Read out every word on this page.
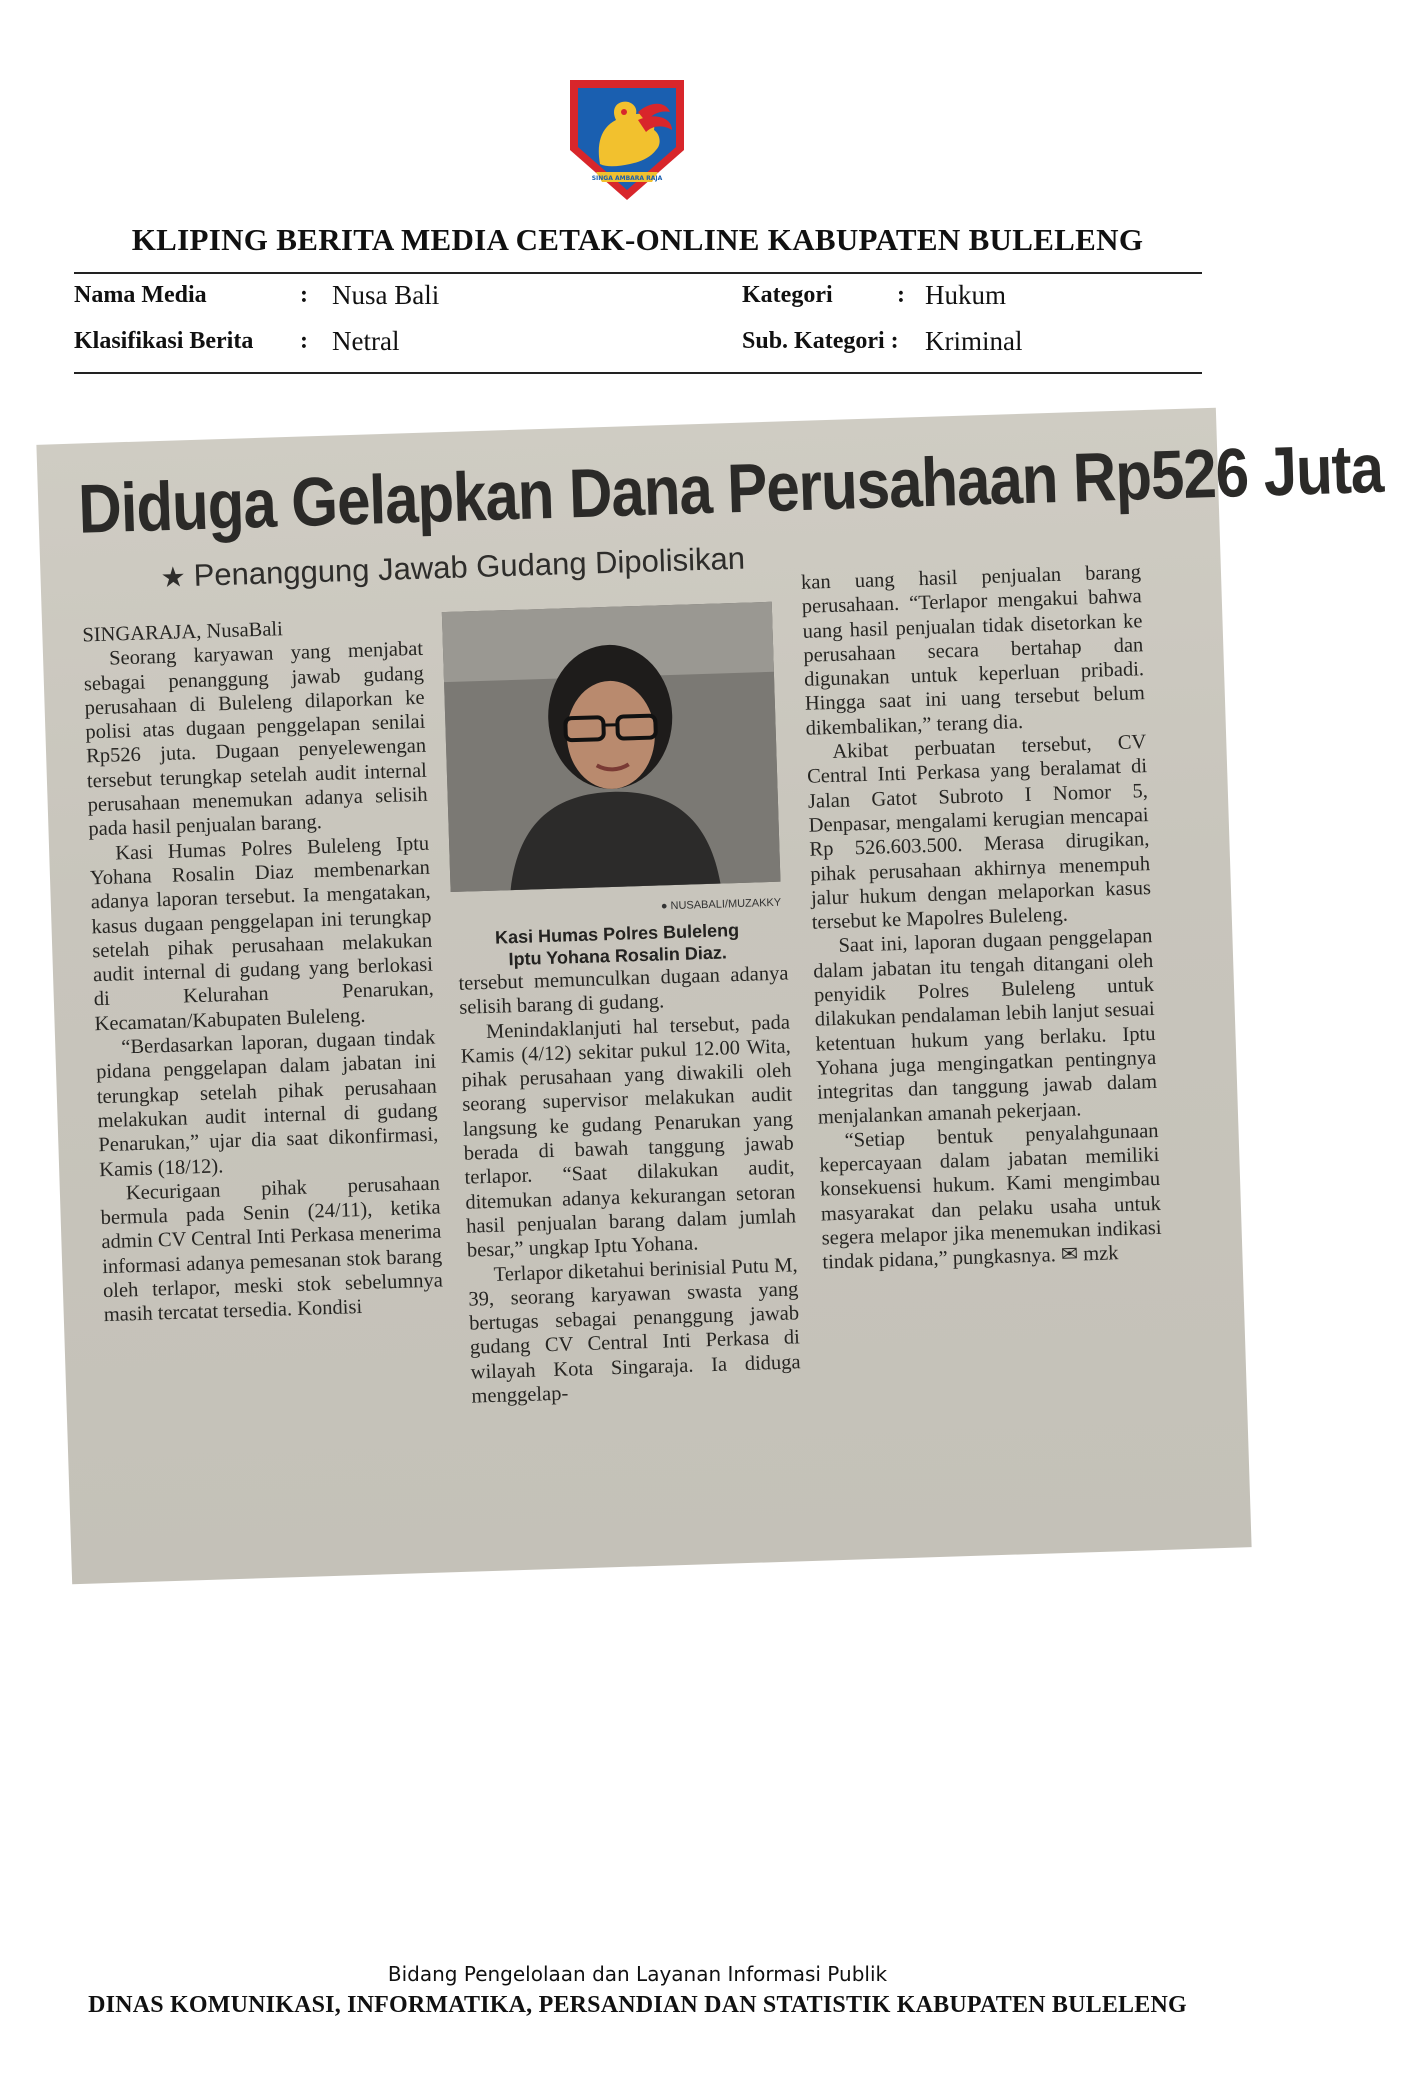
SINGA AMBARA RAJA
KLIPING BERITA MEDIA CETAK-ONLINE KABUPATEN BULELENG
Nama Media	: Nusa Bali	Kategori	: Hukum
Klasifikasi Berita : Netral	Sub. Kategori : Kriminal
Diduga Gelapkan Dana Perusahaan Rp526 Juta
★ Penanggung Jawab Gudang Dipolisikan

SINGARAJA, NusaBali

Seorang karyawan yang menjabat sebagai penanggung jawab gudang perusahaan di Buleleng dilaporkan ke polisi atas dugaan penggelapan senilai Rp526 juta. Dugaan penyelewengan tersebut terungkap setelah audit internal perusahaan menemukan adanya selisih pada hasil penjualan barang.

Kasi Humas Polres Buleleng Iptu Yohana Rosalin Diaz membenarkan adanya laporan tersebut. Ia mengatakan, kasus dugaan penggelapan ini terungkap setelah pihak perusahaan melakukan audit internal di gudang yang berlokasi di Kelurahan Penarukan, Kecamatan/Kabupaten Buleleng.

“Berdasarkan laporan, dugaan tindak pidana penggelapan dalam jabatan ini terungkap setelah pihak perusahaan melakukan audit internal di gudang Penarukan,” ujar dia saat dikonfirmasi, Kamis (18/12).

Kecurigaan pihak perusahaan bermula pada Senin (24/11), ketika admin CV Central Inti Perkasa menerima informasi adanya pemesanan stok barang oleh terlapor, meski stok sebelumnya masih tercatat tersedia. Kondisi

● NUSABALI/MUZAKKY
Kasi Humas Polres Buleleng
Iptu Yohana Rosalin Diaz.

tersebut memunculkan dugaan adanya selisih barang di gudang.

Menindaklanjuti hal tersebut, pada Kamis (4/12) sekitar pukul 12.00 Wita, pihak perusahaan yang diwakili oleh seorang supervisor melakukan audit langsung ke gudang Penarukan yang berada di bawah tanggung jawab terlapor. “Saat dilakukan audit, ditemukan adanya kekurangan setoran hasil penjualan barang dalam jumlah besar,” ungkap Iptu Yohana.

Terlapor diketahui berinisial Putu M, 39, seorang karyawan swasta yang bertugas sebagai penanggung jawab gudang CV Central Inti Perkasa di wilayah Kota Singaraja. Ia diduga menggelap-

kan uang hasil penjualan barang perusahaan. “Terlapor mengakui bahwa uang hasil penjualan tidak disetorkan ke perusahaan secara bertahap dan digunakan untuk keperluan pribadi. Hingga saat ini uang tersebut belum dikembalikan,” terang dia.

Akibat perbuatan tersebut, CV Central Inti Perkasa yang beralamat di Jalan Gatot Subroto I Nomor 5, Denpasar, mengalami kerugian mencapai Rp 526.603.500. Merasa dirugikan, pihak perusahaan akhirnya menempuh jalur hukum dengan melaporkan kasus tersebut ke Mapolres Buleleng.

Saat ini, laporan dugaan penggelapan dalam jabatan itu tengah ditangani oleh penyidik Polres Buleleng untuk dilakukan pendalaman lebih lanjut sesuai ketentuan hukum yang berlaku. Iptu Yohana juga mengingatkan pentingnya integritas dan tanggung jawab dalam menjalankan amanah pekerjaan.

“Setiap bentuk penyalahgunaan kepercayaan dalam jabatan memiliki konsekuensi hukum. Kami mengimbau masyarakat dan pelaku usaha untuk segera melapor jika menemukan indikasi tindak pidana,” pungkasnya. ✉ mzk

Bidang Pengelolaan dan Layanan Informasi Publik
DINAS KOMUNIKASI, INFORMATIKA, PERSANDIAN DAN STATISTIK KABUPATEN BULELENG
